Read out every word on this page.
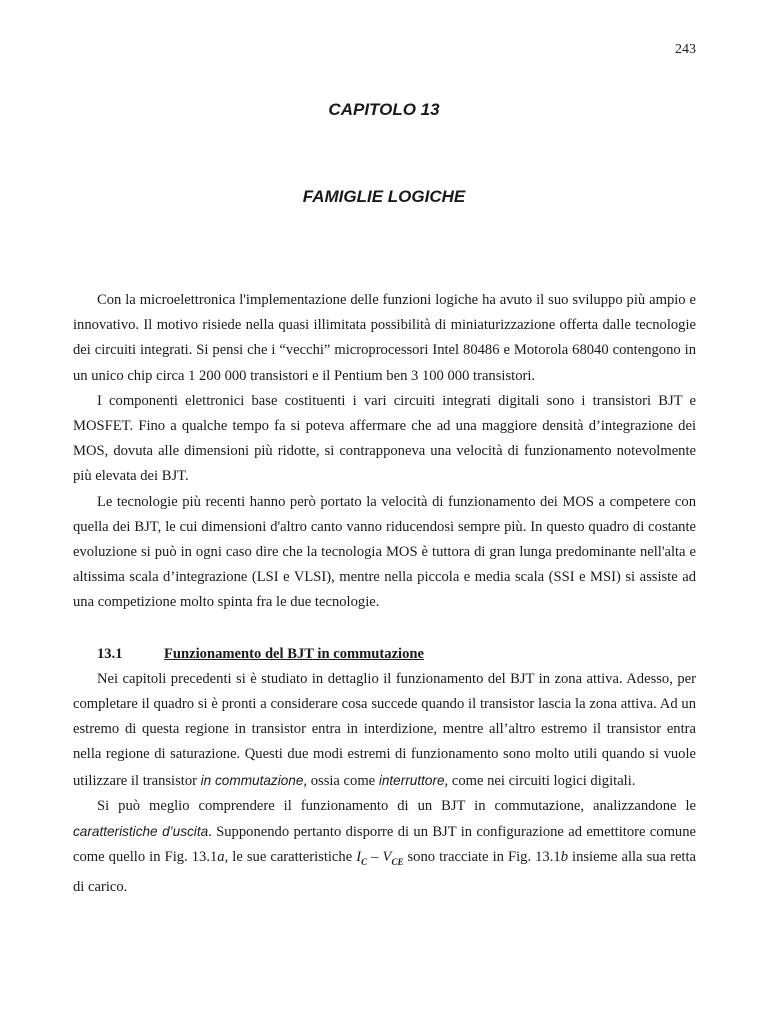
243
CAPITOLO 13
FAMIGLIE LOGICHE

Con la microelettronica l'implementazione delle funzioni logiche ha avuto il suo sviluppo più ampio e innovativo. Il motivo risiede nella quasi illimitata possibilità di miniaturizzazione offerta dalle tecnologie dei circuiti integrati. Si pensi che i “vecchi” microprocessori Intel 80486 e Motorola 68040 contengono in un unico chip circa 1 200 000 transistori e il Pentium ben 3 100 000 transistori.

I componenti elettronici base costituenti i vari circuiti integrati digitali sono i transistori BJT e MOSFET. Fino a qualche tempo fa si poteva affermare che ad una maggiore densità d’integrazione dei MOS, dovuta alle dimensioni più ridotte, si contrapponeva una velocità di funzionamento notevolmente più elevata dei BJT.

Le tecnologie più recenti hanno però portato la velocità di funzionamento dei MOS a competere con quella dei BJT, le cui dimensioni d'altro canto vanno riducendosi sempre più. In questo quadro di costante evoluzione si può in ogni caso dire che la tecnologia MOS è tuttora di gran lunga predominante nell'alta e altissima scala d’integrazione (LSI e VLSI), mentre nella piccola e media scala (SSI e MSI) si assiste ad una competizione molto spinta fra le due tecnologie.

13.1	Funzionamento del BJT in commutazione

Nei capitoli precedenti si è studiato in dettaglio il funzionamento del BJT in zona attiva. Adesso, per completare il quadro si è pronti a considerare cosa succede quando il transistor lascia la zona attiva. Ad un estremo di questa regione in transistor entra in interdizione, mentre all’altro estremo il transistor entra nella regione di saturazione. Questi due modi estremi di funzionamento sono molto utili quando si vuole utilizzare il transistor in commutazione, ossia come interruttore, come nei circuiti logici digitali.

Si può meglio comprendere il funzionamento di un BJT in commutazione, analizzandone le caratteristiche d’uscita. Supponendo pertanto disporre di un BJT in configurazione ad emettitore comune come quello in Fig. 13.1a, le sue caratteristiche $I_C - V_{CE}$ sono tracciate in Fig. 13.1b insieme alla sua retta di carico.
